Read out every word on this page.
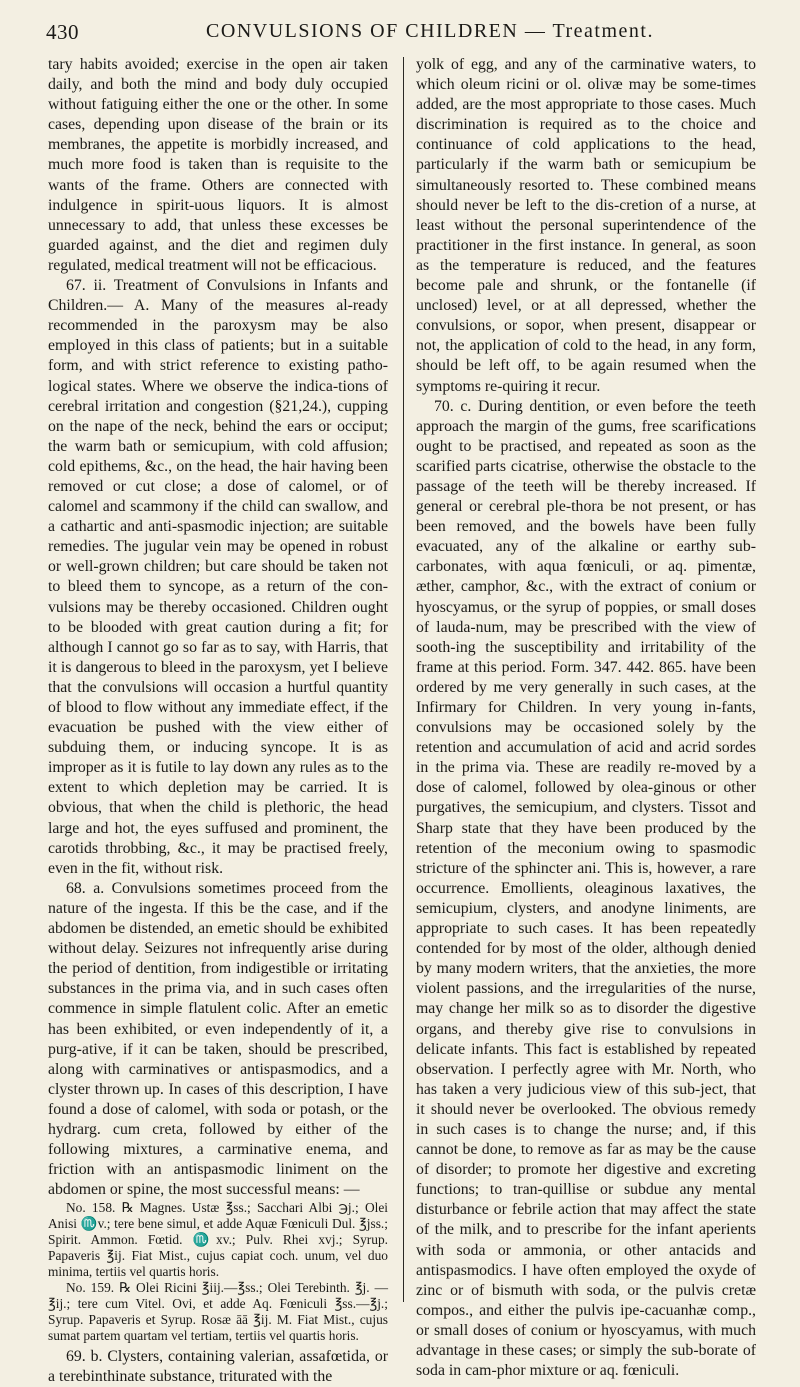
430	CONVULSIONS OF CHILDREN — Treatment.

tary habits avoided; exercise in the open air taken daily, and both the mind and body duly occupied without fatiguing either the one or the other. In some cases, depending upon disease of the brain or its membranes, the appetite is morbidly increased, and much more food is taken than is requisite to the wants of the frame. Others are connected with indulgence in spirit-uous liquors. It is almost unnecessary to add, that unless these excesses be guarded against, and the diet and regimen duly regulated, medical treatment will not be efficacious.

67. ii. Treatment of Convulsions in Infants and Children.— A. Many of the measures al-ready recommended in the paroxysm may be also employed in this class of patients; but in a suitable form, and with strict reference to existing patho-logical states. Where we observe the indica-tions of cerebral irritation and congestion (§21,24.), cupping on the nape of the neck, behind the ears or occiput; the warm bath or semicupium, with cold affusion; cold epithems, &c., on the head, the hair having been removed or cut close; a dose of calomel, or of calomel and scammony if the child can swallow, and a cathartic and anti-spasmodic injection; are suitable remedies. The jugular vein may be opened in robust or well-grown children; but care should be taken not to bleed them to syncope, as a return of the con-vulsions may be thereby occasioned. Children ought to be blooded with great caution during a fit; for although I cannot go so far as to say, with Harris, that it is dangerous to bleed in the paroxysm, yet I believe that the convulsions will occasion a hurtful quantity of blood to flow without any immediate effect, if the evacuation be pushed with the view either of subduing them, or inducing syncope. It is as improper as it is futile to lay down any rules as to the extent to which depletion may be carried. It is obvious, that when the child is plethoric, the head large and hot, the eyes suffused and prominent, the carotids throbbing, &c., it may be practised freely, even in the fit, without risk.

68. a. Convulsions sometimes proceed from the nature of the ingesta. If this be the case, and if the abdomen be distended, an emetic should be exhibited without delay. Seizures not infrequently arise during the period of dentition, from indigestible or irritating substances in the prima via, and in such cases often commence in simple flatulent colic. After an emetic has been exhibited, or even independently of it, a purg-ative, if it can be taken, should be prescribed, along with carminatives or antispasmodics, and a clyster thrown up. In cases of this description, I have found a dose of calomel, with soda or potash, or the hydrarg. cum creta, followed by either of the following mixtures, a carminative enema, and friction with an antispasmodic liniment on the abdomen or spine, the most successful means: —

No. 158. ℞ Magnes. Ustæ ℥ss.; Sacchari Albi ℈j.; Olei Anisi ♏v.; tere bene simul, et adde Aquæ Fœniculi Dul. ℥jss.; Spirit. Ammon. Fœtid. ♏xv.; Pulv. Rhei xvj.; Syrup. Papaveris ℥ij. Fiat Mist., cujus capiat coch. unum, vel duo minima, tertiis vel quartis horis.

No. 159. ℞ Olei Ricini ℥iij.—℥ss.; Olei Terebinth. ℥j. —℥ij.; tere cum Vitel. Ovi, et adde Aq. Fœniculi ℥ss.—℥j.; Syrup. Papaveris et Syrup. Rosæ āā ℥ij. M. Fiat Mist., cujus sumat partem quartam vel tertiam, tertiis vel quartis horis.

69. b. Clysters, containing valerian, assafœtida, or a terebinthinate substance, triturated with the

yolk of egg, and any of the carminative waters, to which oleum ricini or ol. olivæ may be some-times added, are the most appropriate to those cases. Much discrimination is required as to the choice and continuance of cold applications to the head, particularly if the warm bath or semicupium be simultaneously resorted to. These combined means should never be left to the dis-cretion of a nurse, at least without the personal superintendence of the practitioner in the first instance. In general, as soon as the temperature is reduced, and the features become pale and shrunk, or the fontanelle (if unclosed) level, or at all depressed, whether the convulsions, or sopor, when present, disappear or not, the application of cold to the head, in any form, should be left off, to be again resumed when the symptoms re-quiring it recur.

70. c. During dentition, or even before the teeth approach the margin of the gums, free scarifications ought to be practised, and repeated as soon as the scarified parts cicatrise, otherwise the obstacle to the passage of the teeth will be thereby increased. If general or cerebral ple-thora be not present, or has been removed, and the bowels have been fully evacuated, any of the alkaline or earthy sub-carbonates, with aqua fœniculi, or aq. pimentæ, æther, camphor, &c., with the extract of conium or hyoscyamus, or the syrup of poppies, or small doses of lauda-num, may be prescribed with the view of sooth-ing the susceptibility and irritability of the frame at this period. Form. 347. 442. 865. have been ordered by me very generally in such cases, at the Infirmary for Children. In very young in-fants, convulsions may be occasioned solely by the retention and accumulation of acid and acrid sordes in the prima via. These are readily re-moved by a dose of calomel, followed by olea-ginous or other purgatives, the semicupium, and clysters. Tissot and Sharp state that they have been produced by the retention of the meconium owing to spasmodic stricture of the sphincter ani. This is, however, a rare occurrence. Emollients, oleaginous laxatives, the semicupium, clysters, and anodyne liniments, are appropriate to such cases. It has been repeatedly contended for by most of the older, although denied by many modern writers, that the anxieties, the more violent passions, and the irregularities of the nurse, may change her milk so as to disorder the digestive organs, and thereby give rise to convulsions in delicate infants. This fact is established by repeated observation. I perfectly agree with Mr. North, who has taken a very judicious view of this sub-ject, that it should never be overlooked. The obvious remedy in such cases is to change the nurse; and, if this cannot be done, to remove as far as may be the cause of disorder; to promote her digestive and excreting functions; to tran-quillise or subdue any mental disturbance or febrile action that may affect the state of the milk, and to prescribe for the infant aperients with soda or ammonia, or other antacids and antispasmodics. I have often employed the oxyde of zinc or of bismuth with soda, or the pulvis cretæ compos., and either the pulvis ipe-cacuanhæ comp., or small doses of conium or hyoscyamus, with much advantage in these cases; or simply the sub-borate of soda in cam-phor mixture or aq. fœniculi.
